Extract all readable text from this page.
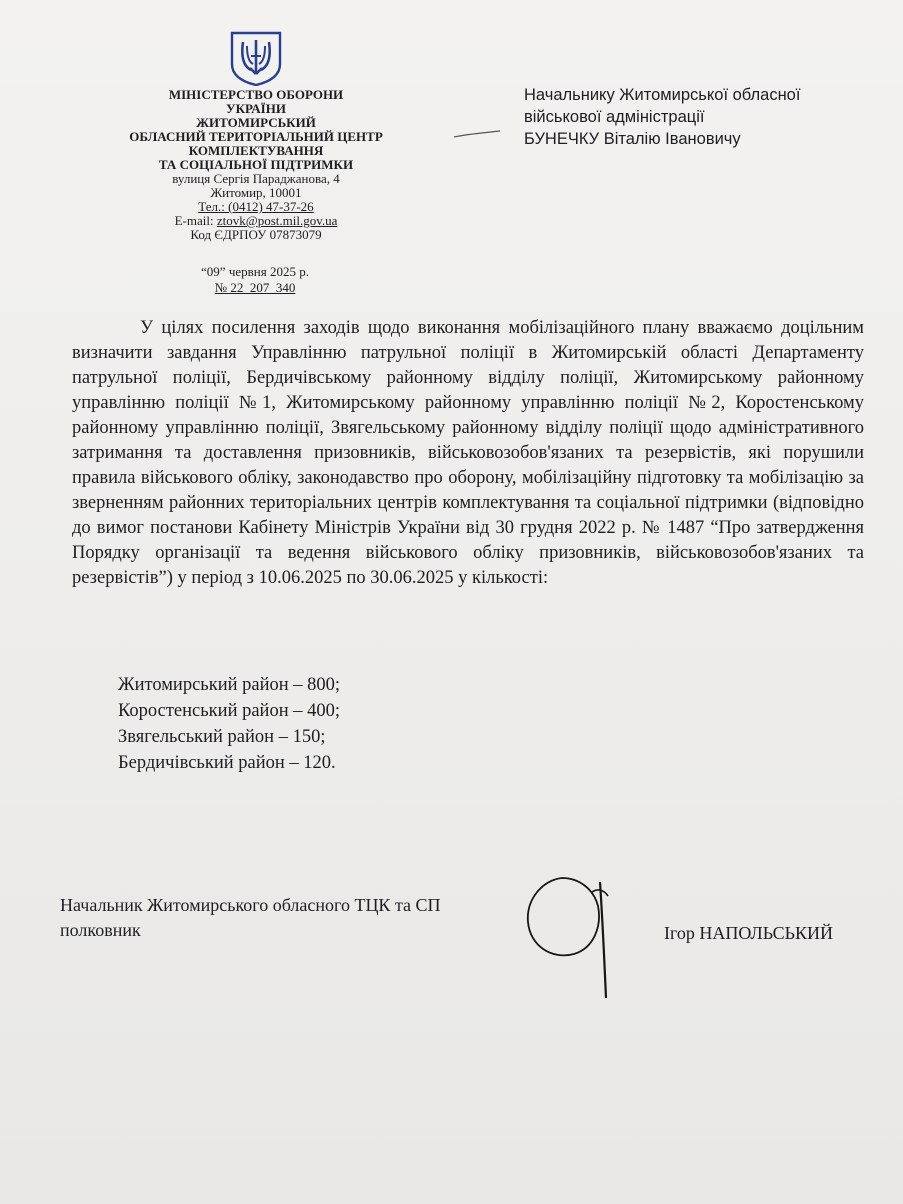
МІНІСТЕРСТВО ОБОРОНИ
УКРАЇНИ
ЖИТОМИРСЬКИЙ
ОБЛАСНИЙ ТЕРИТОРІАЛЬНИЙ ЦЕНТР
КОМПЛЕКТУВАННЯ
ТА СОЦІАЛЬНОЇ ПІДТРИМКИ
вулиця Сергія Параджанова, 4
Житомир, 10001
Тел.: (0412) 47-37-26
E-mail: ztovk@post.mil.gov.ua
Код ЄДРПОУ 07873079
“09” червня 2025 р.
№ 22_207_340
Начальнику Житомирської обласної
військової адміністрації
БУНЕЧКУ Віталію Івановичу

У цілях посилення заходів щодо виконання мобілізаційного плану вважаємо доцільним визначити завдання Управлінню патрульної поліції в Житомирській області Департаменту патрульної поліції, Бердичівському районному відділу поліції, Житомирському районному управлінню поліції №1, Житомирському районному управлінню поліції №2, Коростенському районному управлінню поліції, Звягельському районному відділу поліції щодо адміністративного затримання та доставлення призовників, військовозобов'язаних та резервістів, які порушили правила військового обліку, законодавство про оборону, мобілізаційну підготовку та мобілізацію за зверненням районних територіальних центрів комплектування та соціальної підтримки (відповідно до вимог постанови Кабінету Міністрів України від 30 грудня 2022 р. № 1487 “Про затвердження Порядку організації та ведення військового обліку призовників, військовозобов'язаних та резервістів”) у період з 10.06.2025 по 30.06.2025 у кількості:

Житомирський район – 800;
Коростенський район – 400;
Звягельський район – 150;
Бердичівський район – 120.
Начальник Житомирського обласного ТЦК та СП
полковник	Ігор НАПОЛЬСЬКИЙ
